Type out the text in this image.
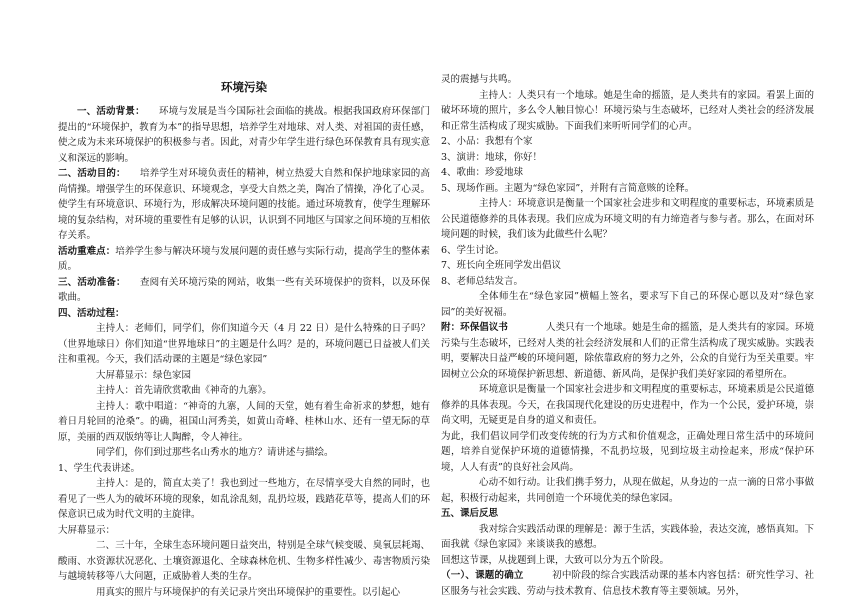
环境污染

一、活动背景： 环境与发展是当今国际社会面临的挑战。根据我国政府环保部门提出的“环境保护，教育为本”的指导思想，培养学生对地球、对人类、对祖国的责任感，使之成为未来环境保护的积极参与者。因此，对青少年学生进行绿色环保教育具有现实意义和深远的影响。

二、活动目的： 培养学生对环境负责任的精神，树立热爱大自然和保护地球家园的高尚情操。增强学生的环保意识、环境观念，享受大自然之美，陶冶了情操，净化了心灵。使学生有环境意识、环境行为，形成解决环境问题的技能。通过环境教育，使学生理解环境的复杂结构，对环境的重要性有足够的认识，认识到不同地区与国家之间环境的互相依存关系。

活动重难点：培养学生参与解决环境与发展问题的责任感与实际行动，提高学生的整体素质。

三、活动准备： 查阅有关环境污染的网站，收集一些有关环境保护的资料，以及环保歌曲。

四、活动过程：

主持人：老师们，同学们，你们知道今天（4 月 22 日）是什么特殊的日子吗？（世界地球日）你们知道“世界地球日”的主题是什么吗？是的，环境问题已日益被人们关注和重视。今天，我们活动课的主题是“绿色家园”

大屏幕显示：绿色家园

主持人：首先请欣赏歌曲《神奇的九寨》。

主持人：歌中唱道：“神奇的九寨，人间的天堂，她有着生命祈求的梦想，她有着日月轮回的沧桑”。的确，祖国山河秀美，如黄山奇峰、桂林山水、还有一望无际的草原，美丽的西双版纳等让人陶醉，令人神往。

同学们，你们到过那些名山秀水的地方？请讲述与描绘。

1、学生代表讲述。

主持人：是的，简直太美了！我也到过一些地方，在尽情享受大自然的同时，也看见了一些人为的破坏环境的现象，如乱涂乱刻，乱扔垃圾，践踏花草等，提高人们的环保意识已成为时代文明的主旋律。

大屏幕显示：

二、三十年，全球生态环境问题日益突出，特别是全球气候变暖、臭氧层耗竭、酸雨、水资源状况恶化、土壤资源退化、全球森林危机、生物多样性减少、毒害物质污染与越境转移等八大问题，正威胁着人类的生存。

用真实的照片与环境保护的有关记录片突出环境保护的重要性。以引起心

灵的震撼与共鸣。

主持人：人类只有一个地球。她是生命的摇篮，是人类共有的家园。看罢上面的破坏环境的照片，多么令人触目惊心！环境污染与生态破坏，已经对人类社会的经济发展和正常生活构成了现实威胁。下面我们来听听同学们的心声。

2、小品：我想有个家

3、演讲：地球，你好！

4、歌曲：珍爱地球

5、现场作画。主题为“绿色家园”，并附有言简意赅的诠释。

主持人：环境意识是衡量一个国家社会进步和文明程度的重要标志，环境素质是公民道德修养的具体表现。我们应成为环境文明的有力缔造者与参与者。那么，在面对环境问题的时候，我们该为此做些什么呢？

6、学生讨论。

7、班长向全班同学发出倡议

8、老师总结发言。

全体师生在“绿色家园”横幅上签名，要求写下自己的环保心愿以及对“绿色家园”的美好祝福。

附：环保倡议书	人类只有一个地球。她是生命的摇篮，是人类共有的家园。环境污染与生态破坏，已经对人类的社会经济发展和人们的正常生活构成了现实威胁。实践表明，要解决日益严峻的环境问题，除依靠政府的努力之外，公众的自觉行为至关重要。牢固树立公众的环境保护新思想、新道德、新风尚，是保护我们美好家园的希望所在。

环境意识是衡量一个国家社会进步和文明程度的重要标志，环境素质是公民道德修养的具体表现。今天，在我国现代化建设的历史进程中，作为一个公民，爱护环境，崇尚文明，无疑更是自身的道义和责任。

为此，我们倡议同学们改变传统的行为方式和价值观念，正确处理日常生活中的环境问题，培养自觉保护环境的道德情操，不乱扔垃圾，见到垃圾主动捡起来，形成“保护环境，人人有责”的良好社会风尚。

心动不如行动。让我们携手努力，从现在做起，从身边的一点一滴的日常小事做起，积极行动起来，共同创造一个环境优美的绿色家园。

五、课后反思

我对综合实践活动课的理解是：源于生活，实践体验，表达交流，感悟真知。下面我就《绿色家园》来谈谈我的感想。

回想这节课，从拢题到上课，大致可以分为五个阶段。

（一）、课题的确立	初中阶段的综合实践活动课的基本内容包括：研究性学习、社区服务与社会实践、劳动与技术教育、信息技术教育等主要领域。另外，
